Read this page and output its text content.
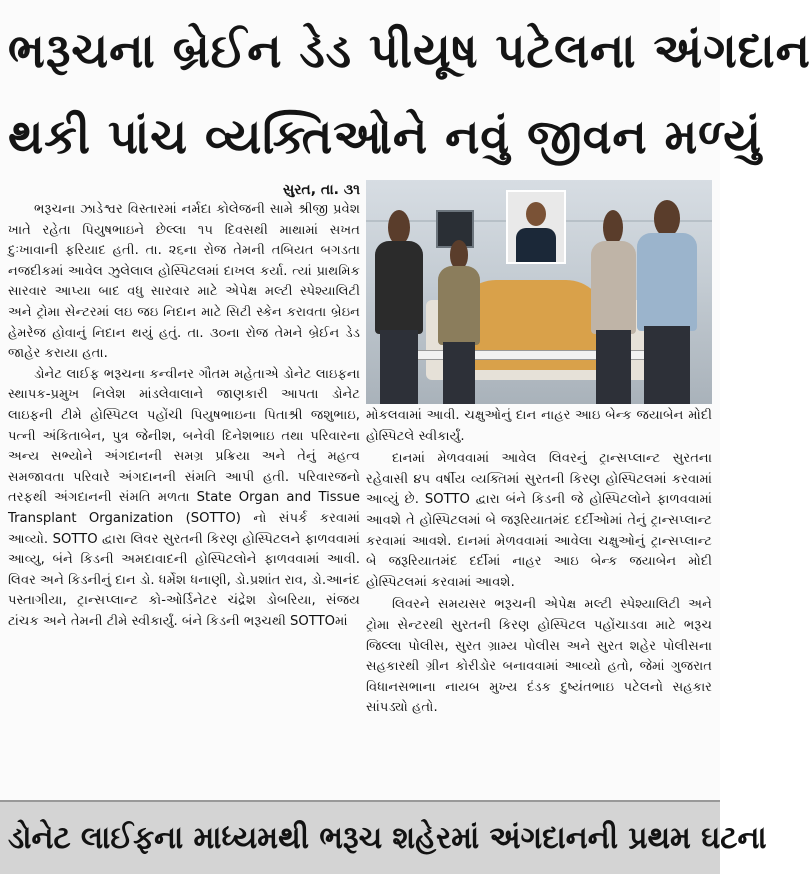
ભરૂચના બ્રેઈન ડેડ પીયૂષ પટેલના અંગદાન
થકી પાંચ વ્યક્તિઓને નવું જીવન મળ્યું
સુરત, તા. ૩૧

ભરૂચના ઝાડેશ્વર વિસ્તારમાં નર્મદા કોલેજની સામે શ્રીજી પ્રવેશ ખાતે રહેતા પિયુષભાઇને છેલ્લા ૧૫ દિવસથી માથામાં સખત દુઃખાવાની ફરિયાદ હતી. તા. ૨૬ના રોજ તેમની તબિયત બગડતા નજદીકમાં આવેલ ઝુલેલાલ હોસ્પિટલમાં દાખલ કર્યા. ત્યાં પ્રાથમિક સારવાર આપ્યા બાદ વધુ સારવાર માટે એપેક્ષ મલ્ટી સ્પેશ્યાલિટી અને ટ્રોમા સેન્ટરમાં લઇ જઇ નિદાન માટે સિટી સ્કેન કરાવતા બ્રેઇન હેમરેજ હોવાનું નિદાન થયું હતું. તા. ૩૦ના રોજ તેમને બ્રેઈન ડેડ જાહેર કરાયા હતા.

ડોનેટ લાઈફ ભરૂચના કન્વીનર ગૌતમ મહેતાએ ડોનેટ લાઇફના સ્થાપક-પ્રમુખ નિલેશ માંડલેવાલાને જાણકારી આપતા ડોનેટ લાઇફની ટીમે હોસ્પિટલ પહોંચી પિયુષભાઇના પિતાશ્રી જશુભાઇ, પત્ની અંકિતાબેન, પુત્ર જેનીશ, બનેવી દિનેશભાઇ તથા પરિવારના અન્ય સભ્યોને અંગદાનની સમગ્ર પ્રક્રિયા અને તેનું મહત્વ સમજાવતા પરિવારે અંગદાનની સંમતિ આપી હતી. પરિવારજનો તરફથી અંગદાનની સંમતિ મળતા State Organ and Tissue Transplant Organization (SOTTO) નો સંપર્ક કરવામાં આવ્યો. SOTTO દ્વારા લિવર સુરતની કિરણ હોસ્પિટલને ફાળવવામાં આવ્યુ, બંને કિડની અમદાવાદની હોસ્પિટલોને ફાળવવામાં આવી. લિવર અને કિડનીનું દાન ડો. ધર્મેશ ધનાણી, ડો.પ્રશાંત રાવ, ડો.આનંદ પસ્તાગીયા, ટ્રાન્સપ્લાન્ટ કો-ઓર્ડિનેટર ચંદ્રેશ ડોબરિયા, સંજય ટાંચક અને તેમની ટીમે સ્વીકાર્યું. બંને કિડની ભરૂચથી SOTTOમાં

મોકલવામાં આવી. ચક્ષુઓનું દાન નાહર આઇ બેન્ક જયાબેન મોદી હોસ્પિટલે સ્વીકાર્યું.

દાનમાં મેળવવામાં આવેલ લિવરનું ટ્રાન્સપ્લાન્ટ સુરતના રહેવાસી ૪૫ વર્ષીય વ્યક્તિમાં સુરતની કિરણ હોસ્પિટલમાં કરવામાં આવ્યું છે. SOTTO દ્વારા બંને કિડની જે હોસ્પિટલોને ફાળવવામાં આવશે તે હોસ્પિટલમાં બે જરૂરિયાતમંદ દર્દીઓમાં તેનું ટ્રાન્સપ્લાન્ટ કરવામાં આવશે. દાનમાં મેળવવામાં આવેલા ચક્ષુઓનું ટ્રાન્સપ્લાન્ટ બે જરૂરિયાતમંદ દર્દીમાં નાહર આઇ બેન્ક જયાબેન મોદી હોસ્પિટલમાં કરવામાં આવશે.

લિવરને સમયસર ભરૂચની એપેક્ષ મલ્ટી સ્પેશ્યાલિટી અને ટ્રોમા સેન્ટરથી સુરતની કિરણ હોસ્પિટલ પહોંચાડવા માટે ભરૂચ જિલ્લા પોલીસ, સુરત ગ્રામ્ય પોલીસ અને સુરત શહેર પોલીસના સહકારથી ગ્રીન કોરીડોર બનાવવામાં આવ્યો હતો, જેમાં ગુજરાત વિધાનસભાના નાયબ મુખ્ય દંડક દુષ્યંતભાઇ પટેલનો સહકાર સાંપડ્યો હતો.

ડોનેટ લાઈફના માધ્યમથી ભરૂચ શહેરમાં અંગદાનની પ્રથમ ઘટના
